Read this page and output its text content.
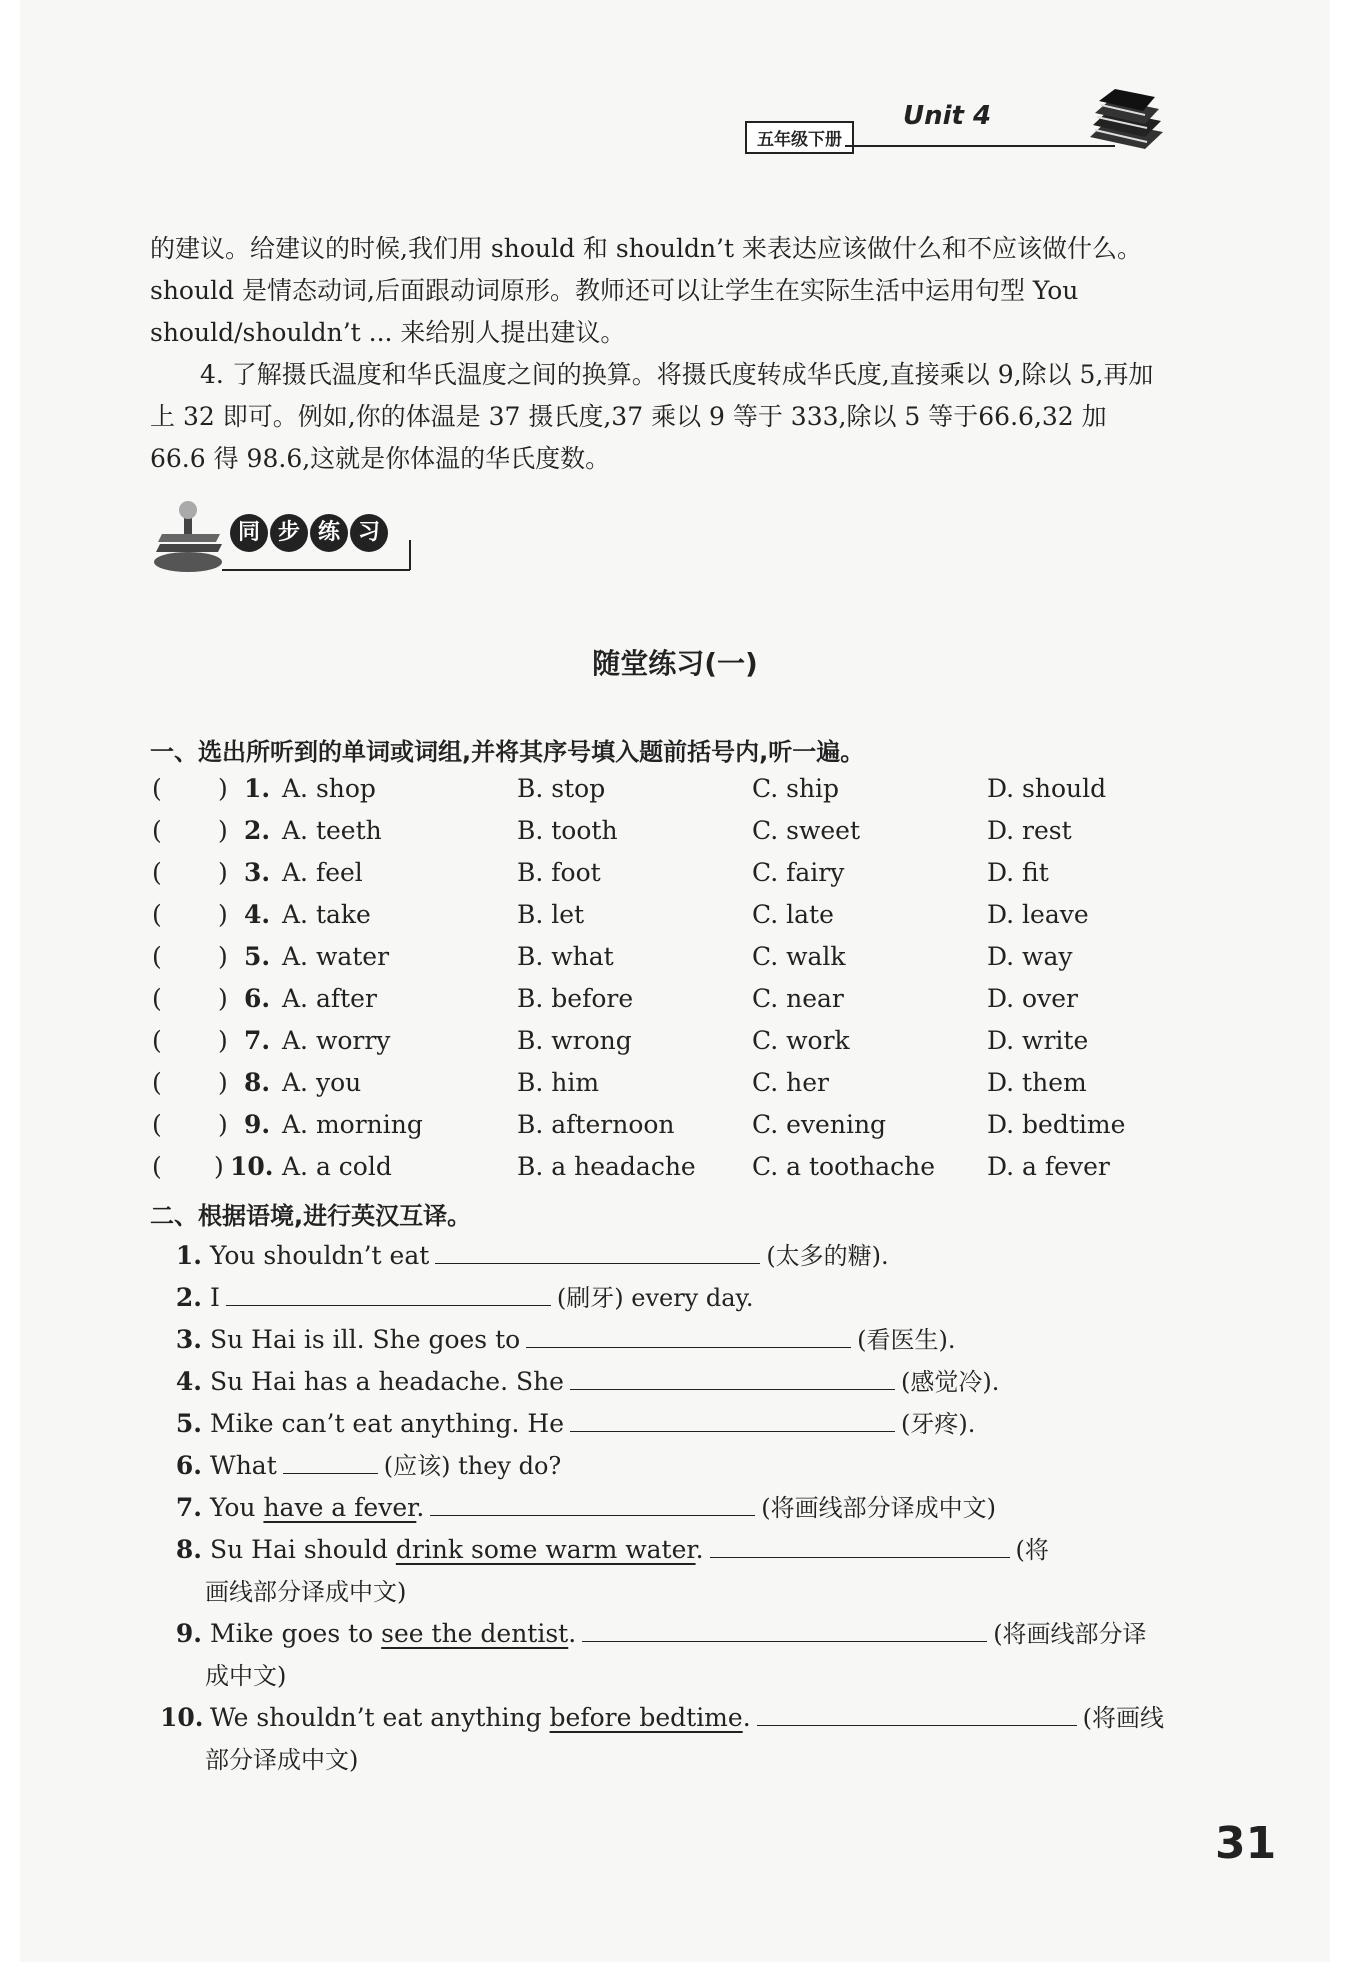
五年级下册
Unit 4

的建议。给建议的时候,我们用 should 和 shouldn’t 来表达应该做什么和不应该做什么。should 是情态动词,后面跟动词原形。教师还可以让学生在实际生活中运用句型 You should/shouldn’t ... 来给别人提出建议。

4. 了解摄氏温度和华氏温度之间的换算。将摄氏度转成华氏度,直接乘以 9,除以 5,再加上 32 即可。例如,你的体温是 37 摄氏度,37 乘以 9 等于 333,除以 5 等于66.6,32 加 66.6 得 98.6,这就是你体温的华氏度数。

同 步 练 习
随堂练习(一)
一、选出所听到的单词或词组,并将其序号填入题前括号内,听一遍。
( ) 1. A. shop	B. stop	C. ship	D. should
( ) 2. A. teeth	B. tooth	C. sweet	D. rest
( ) 3. A. feel	B. foot	C. fairy	D. fit
( ) 4. A. take	B. let	C. late	D. leave
( ) 5. A. water	B. what	C. walk	D. way
( ) 6. A. after	B. before	C. near	D. over
( ) 7. A. worry	B. wrong	C. work	D. write
( ) 8. A. you	B. him	C. her	D. them
( ) 9. A. morning	B. afternoon	C. evening	D. bedtime
( ) 10. A. a cold	B. a headache C. a toothache D. a fever
二、根据语境,进行英汉互译。
1. You shouldn’t eat	(太多的糖).
2. I	(刷牙) every day.
3. Su Hai is ill. She goes to	(看医生).
4. Su Hai has a headache. She	(感觉冷).
5. Mike can’t eat anything. He	(牙疼).
6. What	(应该) they do?
7. You have a fever.	(将画线部分译成中文)
8. Su Hai should drink some warm water.	(将
画线部分译成中文)
9. Mike goes to see the dentist.	(将画线部分译
成中文)
10. We shouldn’t eat anything before bedtime.	(将画线
部分译成中文)
31
